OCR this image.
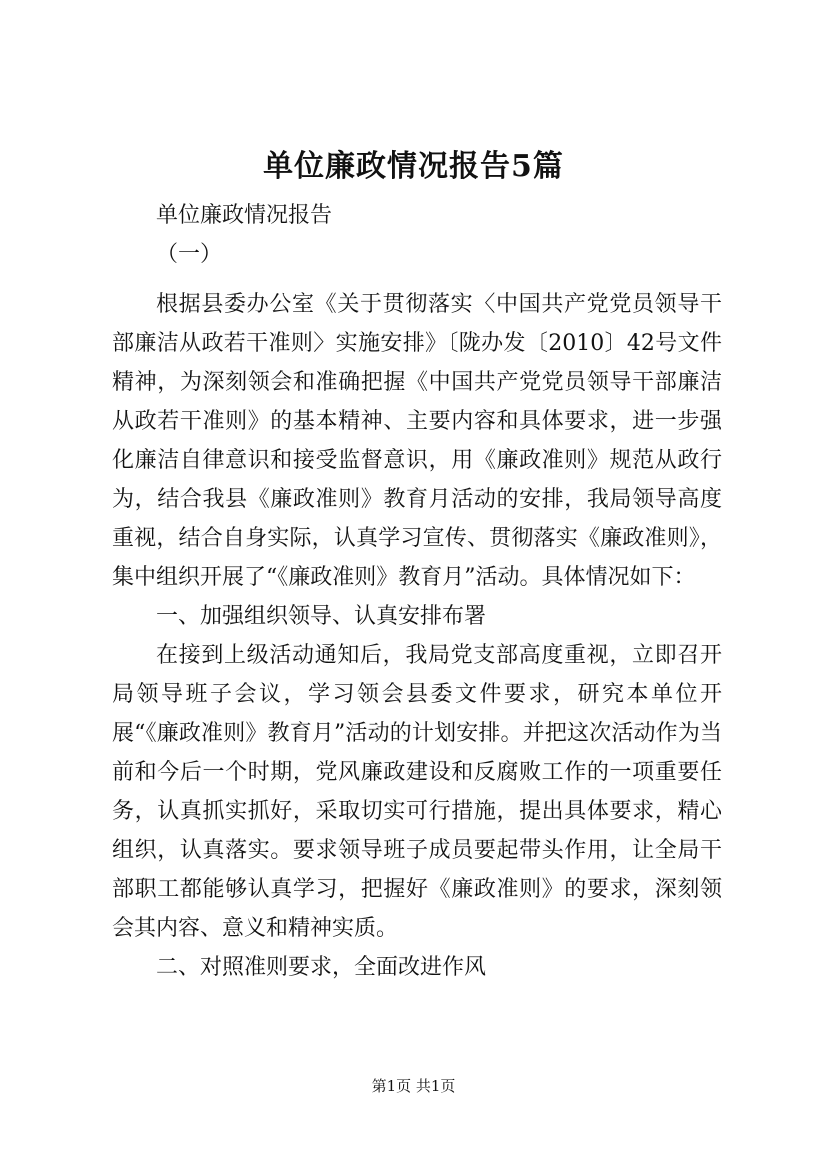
单位廉政情况报告5篇

单位廉政情况报告

（一）

根据县委办公室《关于贯彻落实〈中国共产党党员领导干部廉洁从政若干准则〉实施安排》〔陇办发〔2010〕42号文件精神，为深刻领会和准确把握《中国共产党党员领导干部廉洁从政若干准则》的基本精神、主要内容和具体要求，进一步强化廉洁自律意识和接受监督意识，用《廉政准则》规范从政行为，结合我县《廉政准则》教育月活动的安排，我局领导高度重视，结合自身实际，认真学习宣传、贯彻落实《廉政准则》，集中组织开展了“《廉政准则》教育月”活动。具体情况如下：

一、加强组织领导、认真安排布署

在接到上级活动通知后，我局党支部高度重视，立即召开局领导班子会议，学习领会县委文件要求，研究本单位开展“《廉政准则》教育月”活动的计划安排。并把这次活动作为当前和今后一个时期，党风廉政建设和反腐败工作的一项重要任务，认真抓实抓好，采取切实可行措施，提出具体要求，精心组织，认真落实。要求领导班子成员要起带头作用，让全局干部职工都能够认真学习，把握好《廉政准则》的要求，深刻领会其内容、意义和精神实质。

二、对照准则要求，全面改进作风

第1页 共1页
